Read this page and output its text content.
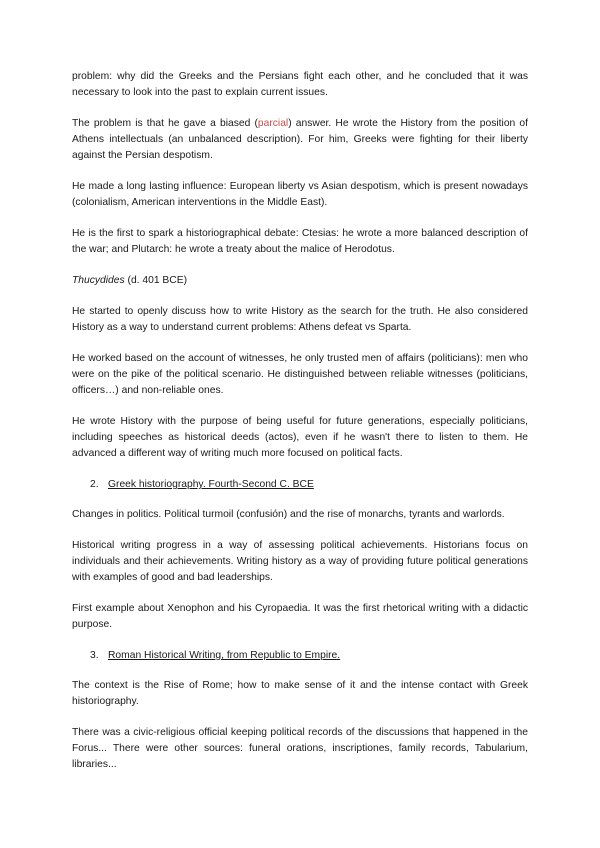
problem: why did the Greeks and the Persians fight each other, and he concluded that it was necessary to look into the past to explain current issues.

The problem is that he gave a biased (parcial) answer. He wrote the History from the position of Athens intellectuals (an unbalanced description). For him, Greeks were fighting for their liberty against the Persian despotism.

He made a long lasting influence: European liberty vs Asian despotism, which is present nowadays (colonialism, American interventions in the Middle East).

He is the first to spark a historiographical debate: Ctesias: he wrote a more balanced description of the war; and Plutarch: he wrote a treaty about the malice of Herodotus.

Thucydides (d. 401 BCE)

He started to openly discuss how to write History as the search for the truth. He also considered History as a way to understand current problems: Athens defeat vs Sparta.

He worked based on the account of witnesses, he only trusted men of affairs (politicians): men who were on the pike of the political scenario. He distinguished between reliable witnesses (politicians, officers…) and non-reliable ones.

He wrote History with the purpose of being useful for future generations, especially politicians, including speeches as historical deeds (actos), even if he wasn't there to listen to them. He advanced a different way of writing much more focused on political facts.

2. Greek historiography. Fourth-Second C. BCE

Changes in politics. Political turmoil (confusión) and the rise of monarchs, tyrants and warlords.

Historical writing progress in a way of assessing political achievements. Historians focus on individuals and their achievements. Writing history as a way of providing future political generations with examples of good and bad leaderships.

First example about Xenophon and his Cyropaedia. It was the first rhetorical writing with a didactic purpose.

3. Roman Historical Writing, from Republic to Empire.

The context is the Rise of Rome; how to make sense of it and the intense contact with Greek historiography.

There was a civic-religious official keeping political records of the discussions that happened in the Forus... There were other sources: funeral orations, inscriptiones, family records, Tabularium, libraries...
